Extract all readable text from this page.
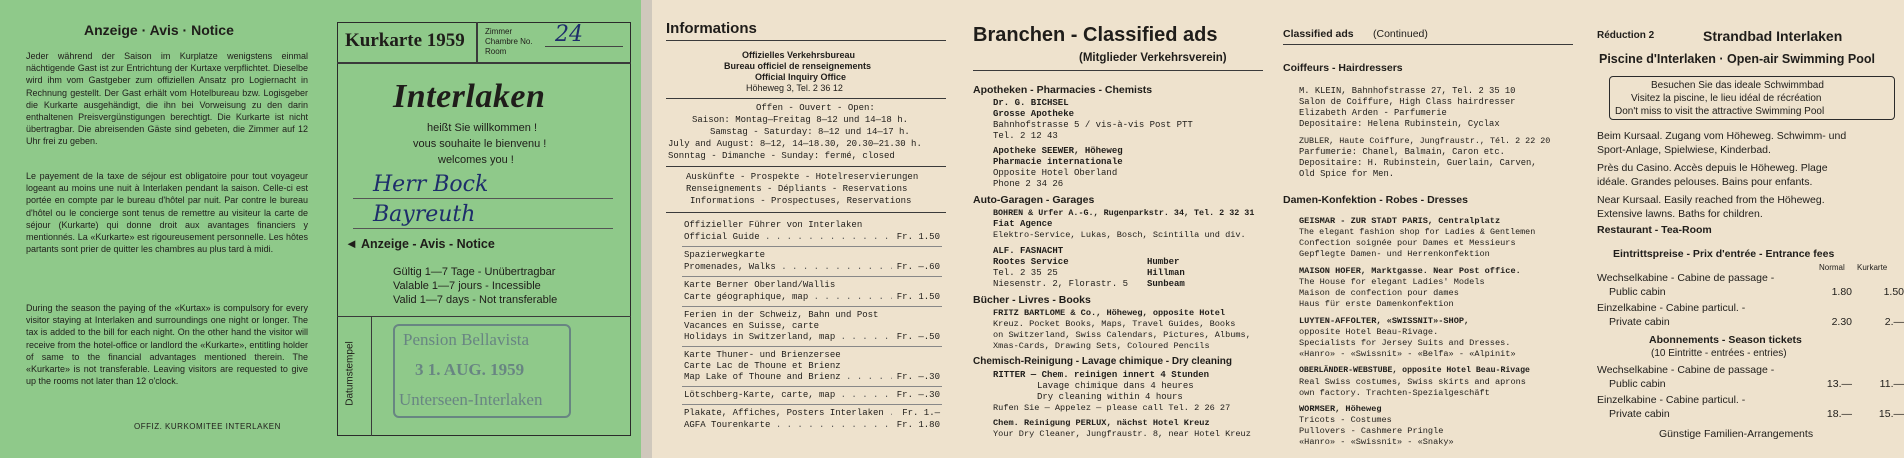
Anzeige · Avis · Notice
Jeder während der Saison im Kurplatze wenigstens einmal nächtigende Gast ist zur Entrichtung der Kurtaxe verpflichtet. Dieselbe wird ihm vom Gastgeber zum offiziellen Ansatz pro Logiernacht in Rechnung gestellt. Der Gast erhält vom Hotelbureau bzw. Logisgeber die Kurkarte ausgehändigt, die ihn bei Vorweisung zu den darin enthaltenen Preisvergünstigungen berechtigt. Die Kurkarte ist nicht übertragbar. Die abreisenden Gäste sind gebeten, die Zimmer auf 12 Uhr frei zu geben.
Le payement de la taxe de séjour est obligatoire pour tout voyageur logeant au moins une nuit à Interlaken pendant la saison. Celle-ci est portée en compte par le bureau d'hôtel par nuit. Par contre le bureau d'hôtel ou le concierge sont tenus de remettre au visiteur la carte de séjour (Kurkarte) qui donne droit aux avantages financiers y mentionnés. La «Kurkarte» est rigoureusement personnelle. Les hôtes partants sont prier de quitter les chambres au plus tard à midi.
During the season the paying of the «Kurtax» is compulsory for every visitor staying at Interlaken and surroundings one night or longer. The tax is added to the bill for each night. On the other hand the visitor will receive from the hotel-office or landlord the «Kurkarte», entitling holder of same to the financial advantages mentioned therein. The «Kurkarte» is not transferable. Leaving visitors are requested to give up the rooms not later than 12 o'clock.
OFFIZ. KURKOMITEE INTERLAKEN
Kurkarte 1959	Zimmer
Chambre No.
Room
24
Interlaken
heißt Sie willkommen !
vous souhaite le bienvenu !
welcomes you !
Herr Bock
Bayreuth
◄ Anzeige - Avis - Notice
Gültig 1—7 Tage - Unübertragbar
Valable 1—7 jours - Incessible
Valid 1—7 days - Not transferable
Datumstempel
Pension Bellavista
3 1. AUG. 1959
Unterseen-Interlaken
Informations
Offizielles Verkehrsbureau
Bureau officiel de renseignements
Official Inquiry Office
Höheweg 3, Tel. 2 36 12
Offen - Ouvert - Open:
Saison: Montag—Freitag 8—12 und 14—18 h.
Samstag - Saturday: 8—12 und 14—17 h.
July and August: 8—12, 14—18.30, 20.30—21.30 h.
Sonntag - Dimanche - Sunday: fermé, closed
Auskünfte - Prospekte - Hotelreservierungen
Renseignements - Dépliants - Reservations
Informations - Prospectuses, Reservations
Offizieller Führer von Interlaken
Official Guide . . .	Fr. 1.50
Spazierwegkarte
Promenades, Walks . . .	Fr. —.60
Karte Berner Oberland/Wallis
Carte géographique, map . . .	Fr. 1.50
Ferien in der Schweiz, Bahn und Post
Vacances en Suisse, carte
Holidays in Switzerland, map . . .	Fr. —.50
Karte Thuner- und Brienzersee
Carte Lac de Thoune et Brienz
Map Lake of Thoune and Brienz . . .	Fr. —.30
Lötschberg-Karte, carte, map . . .	Fr. —.30
Plakate, Affiches, Posters Interlaken . . .	Fr. 1.—
AGFA Tourenkarte . . .	Fr. 1.80
Branchen - Classified ads
(Mitglieder Verkehrsverein)
Apotheken - Pharmacies - Chemists
Dr. G. BICHSEL
Grosse Apotheke
Bahnhofstrasse 5 / vis-à-vis Post PTT
Tel. 2 12 43
Apotheke SEEWER, Höheweg
Pharmacie internationale
Opposite Hotel Oberland
Phone 2 34 26
Auto-Garagen - Garages
BOHREN & Urfer A.-G., Rugenparkstr. 34, Tel. 2 32 31
Fiat Agence
Elektro-Service, Lukas, Bosch, Scintilla und div.
ALF. FASNACHT
Rootes Service
Tel. 2 35 25
Niesenstr. 2, Florastr. 5
Humber
Hillman
Sunbeam
Bücher - Livres - Books
FRITZ BARTLOME & Co., Höheweg, opposite Hotel
Kreuz. Pocket Books, Maps, Travel Guides, Books
on Switzerland, Swiss Calendars, Pictures, Albums,
Xmas-Cards, Drawing Sets, Coloured Pencils
Chemisch-Reinigung - Lavage chimique - Dry cleaning
RITTER — Chem. reinigen innert 4 Stunden
Lavage chimique dans 4 heures
Dry cleaning within 4 hours
Rufen Sie — Appelez — please call Tel. 2 26 27
Chem. Reinigung PERLUX, nächst Hotel Kreuz
Your Dry Cleaner, Jungfraustr. 8, near Hotel Kreuz
Classified ads (Continued)
Coiffeurs - Hairdressers
M. KLEIN, Bahnhofstrasse 27, Tel. 2 35 10
Salon de Coiffure, High Class hairdresser
Elizabeth Arden - Parfumerie
Depositaire: Helena Rubinstein, Cyclax
ZUBLER, Haute Coiffure, Jungfraustr., Tél. 2 22 20
Parfumerie: Chanel, Balmain, Caron etc.
Depositaire: H. Rubinstein, Guerlain, Carven,
Old Spice for Men.
Damen-Konfektion - Robes - Dresses
GEISMAR - ZUR STADT PARIS, Centralplatz
The elegant fashion shop for Ladies & Gentlemen
Confection soignée pour Dames et Messieurs
Gepflegte Damen- und Herrenkonfektion
MAISON HOFER, Marktgasse. Near Post office.
The House for elegant Ladies' Models
Maison de confection pour dames
Haus für erste Damenkonfektion
LUYTEN-AFFOLTER, «SWISSNIT»-SHOP,
opposite Hotel Beau-Rivage.
Specialists for Jersey Suits and Dresses.
«Hanro» - «Swissnit» - «Belfa» - «Alpinit»
OBERLÄNDER-WEBSTUBE, opposite Hotel Beau-Rivage
Real Swiss costumes, Swiss skirts and aprons
own factory. Trachten-Spezialgeschäft
WORMSER, Höheweg
Tricots - Costumes
Pullovers - Cashmere Pringle
«Hanro» - «Swissnit» - «Snaky»
Réduction 2	Strandbad Interlaken
Piscine d'Interlaken · Open-air Swimming Pool
Besuchen Sie das ideale Schwimmbad
Visitez la piscine, le lieu idéal de récréation
Don't miss to visit the attractive Swimming Pool
Beim Kursaal. Zugang vom Höheweg. Schwimm- und
Sport-Anlage, Spielwiese, Kinderbad.
Près du Casino. Accès depuis le Höheweg. Plage
idéale. Grandes pelouses. Bains pour enfants.
Near Kursaal. Easily reached from the Höheweg.
Extensive lawns. Baths for children.
Restaurant - Tea-Room
Eintrittspreise - Prix d'entrée - Entrance fees
Normal Kurkarte
Wechselkabine - Cabine de passage -
Public cabin	1.80	1.50
Einzelkabine - Cabine particul. -
Private cabin	2.30	2.—
Abonnements - Season tickets
(10 Eintritte - entrées - entries)
Wechselkabine - Cabine de passage -
Public cabin	13.—	11.—
Einzelkabine - Cabine particul. -
Private cabin	18.—	15.—
Günstige Familien-Arrangements
